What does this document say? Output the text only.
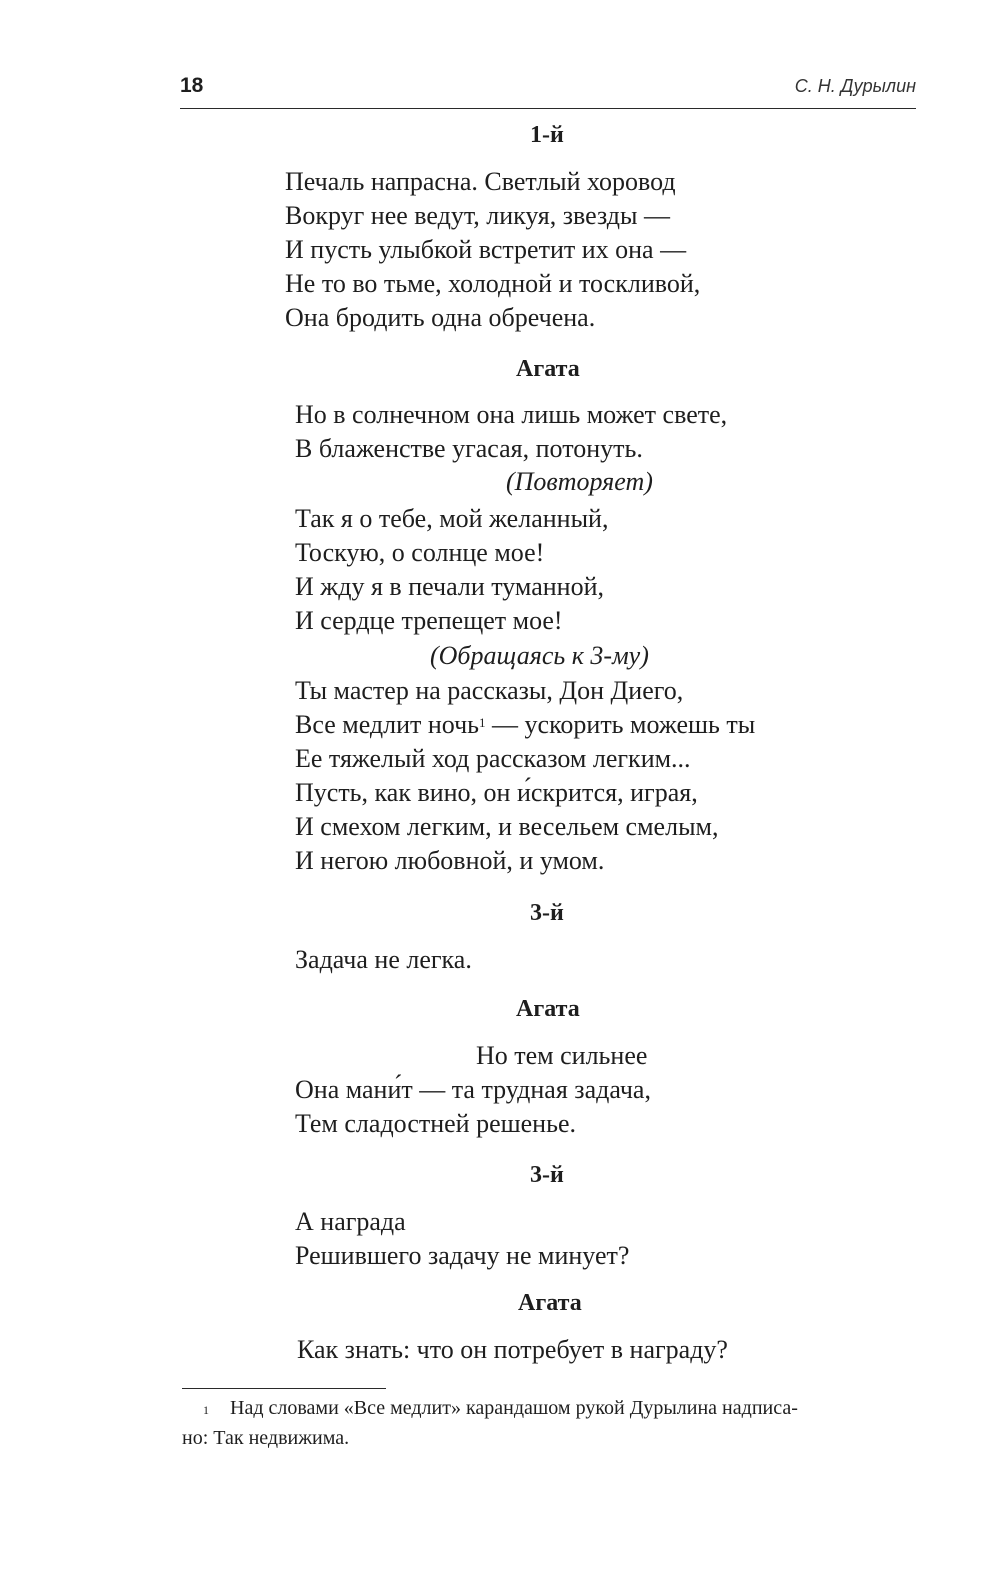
18	С. Н. Дурылин
1-й
Печаль напрасна. Светлый хоровод
Вокруг нее ведут, ликуя, звезды —
И пусть улыбкой встретит их она —
Не то во тьме, холодной и тоскливой,
Она бродить одна обречена.
Агата
Но в солнечном она лишь может свете,
В блаженстве угасая, потонуть.
(Повторяет)
Так я о тебе, мой желанный,
Тоскую, о солнце мое!
И жду я в печали туманной,
И сердце трепещет мое!
(Обращаясь к 3-му)
Ты мастер на рассказы, Дон Диего,
Все медлит ночь$^1$ — ускорить можешь ты
Ее тяжелый ход рассказом легким...
Пусть, как вино, он и́скрится, играя,
И смехом легким, и весельем смелым,
И негою любовной, и умом.
3-й
Задача не легка.
Агата
Но тем сильнее
Она мани́т — та трудная задача,
Тем сладостней решенье.
3-й
А награда
Решившего задачу не минует?
Агата
Как знать: что он потребует в награду?
1 Над словами «Все медлит» карандашом рукой Дурылина надписа-
но: Так недвижима.
